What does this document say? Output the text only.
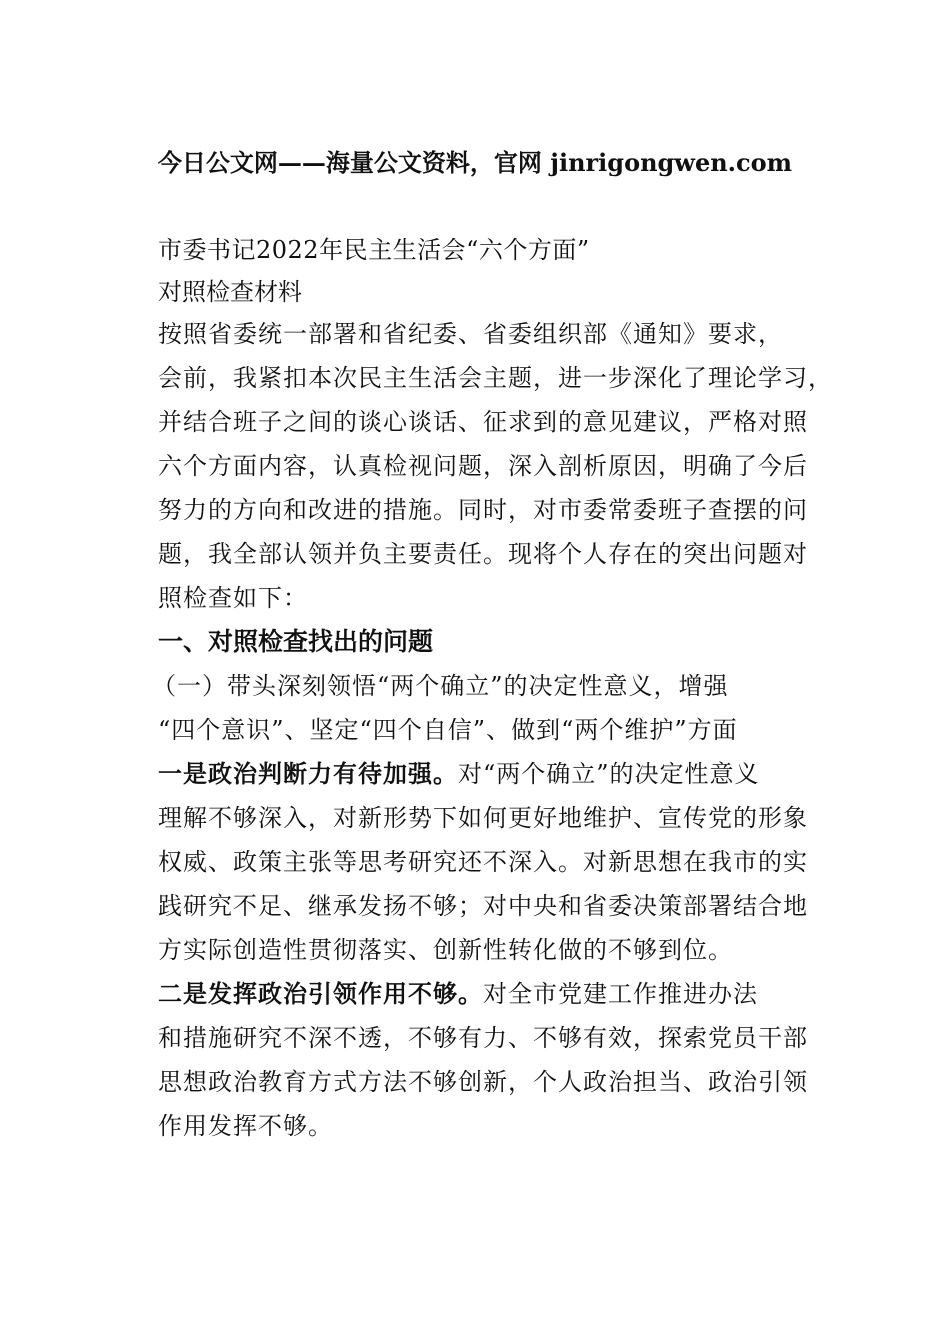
今日公文网——海量公文资料，官网 jinrigongwen.com
市委书记2022年民主生活会“六个方面”
对照检查材料
按照省委统一部署和省纪委、省委组织部《通知》要求，
会前，我紧扣本次民主生活会主题，进一步深化了理论学习，
并结合班子之间的谈心谈话、征求到的意见建议，严格对照
六个方面内容，认真检视问题，深入剖析原因，明确了今后
努力的方向和改进的措施。同时，对市委常委班子查摆的问
题，我全部认领并负主要责任。现将个人存在的突出问题对
照检查如下：
一、对照检查找出的问题
（一）带头深刻领悟“两个确立”的决定性意义，增强
“四个意识”、坚定“四个自信”、做到“两个维护”方面
一是政治判断力有待加强。对“两个确立”的决定性意义
理解不够深入，对新形势下如何更好地维护、宣传党的形象
权威、政策主张等思考研究还不深入。对新思想在我市的实
践研究不足、继承发扬不够；对中央和省委决策部署结合地
方实际创造性贯彻落实、创新性转化做的不够到位。
二是发挥政治引领作用不够。对全市党建工作推进办法
和措施研究不深不透，不够有力、不够有效，探索党员干部
思想政治教育方式方法不够创新，个人政治担当、政治引领
作用发挥不够。
